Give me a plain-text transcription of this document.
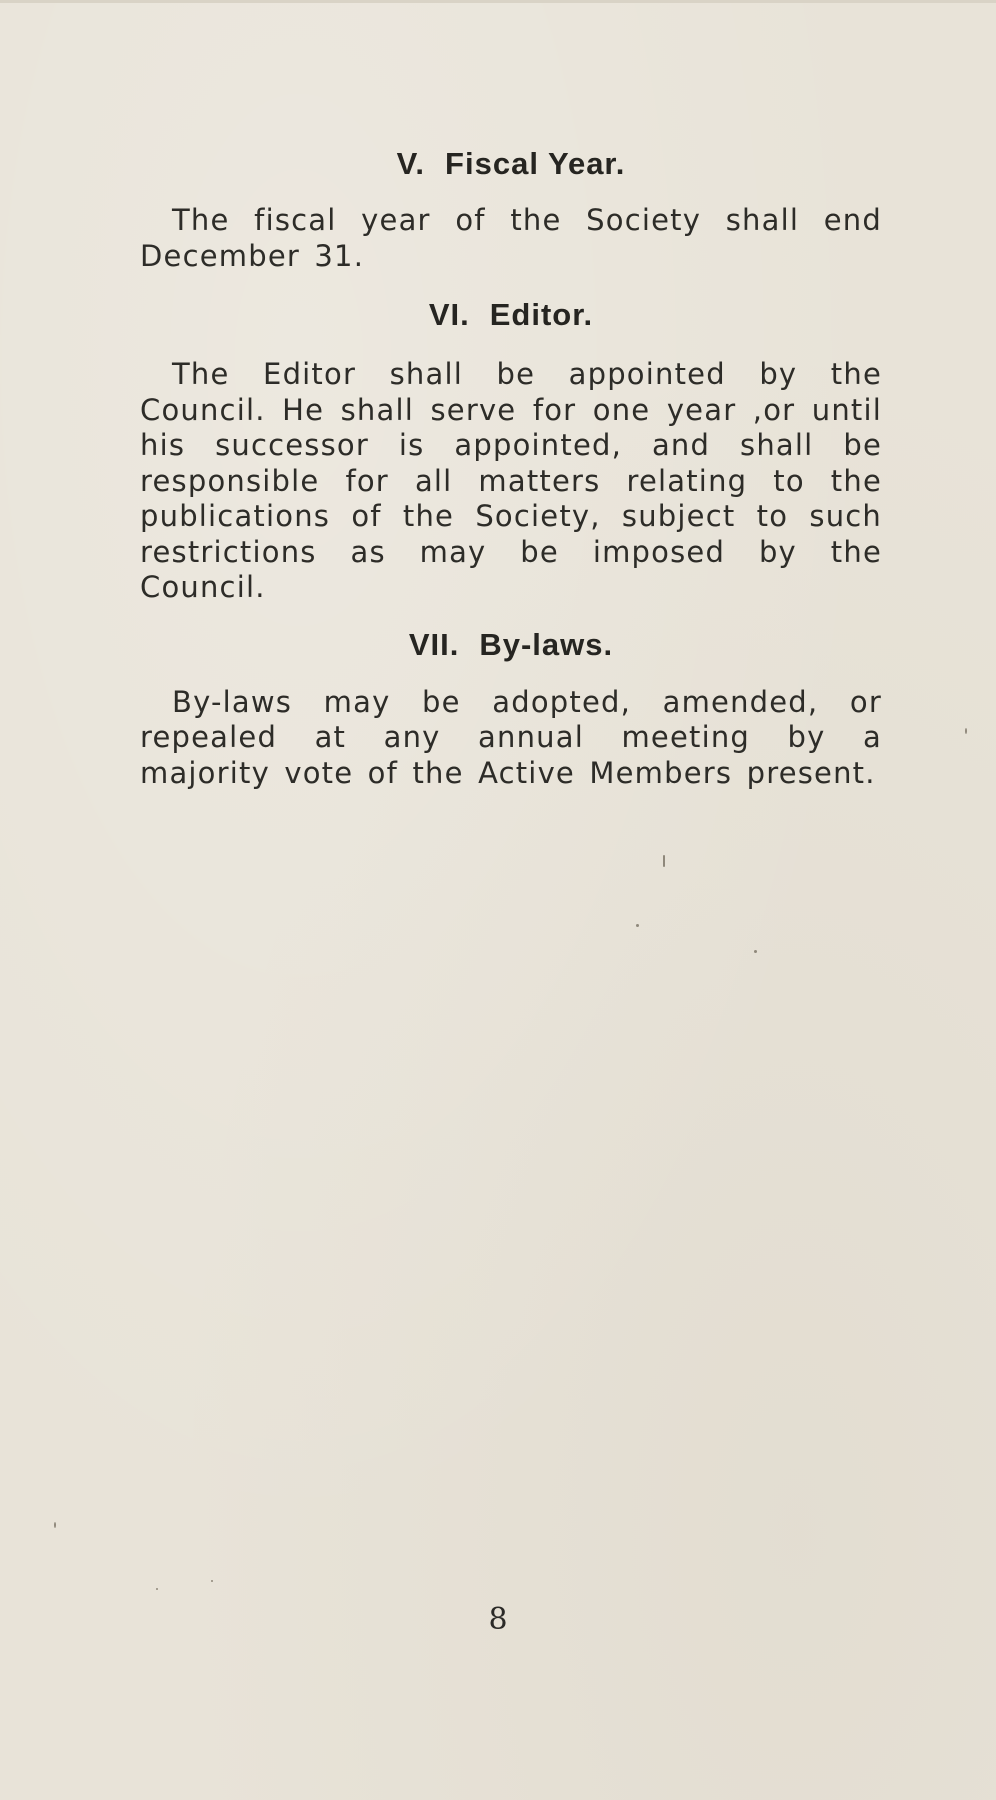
V. Fiscal Year.

The fiscal year of the Society shall end December 31.

VI. Editor.

The Editor shall be appointed by the Council. He shall serve for one year ,or until his successor is appointed, and shall be responsible for all matters relating to the publications of the Society, subject to such restrictions as may be imposed by the Council.

VII. By-laws.

By-laws may be adopted, amended, or repealed at any annual meeting by a majority vote of the Active Members present.

8
